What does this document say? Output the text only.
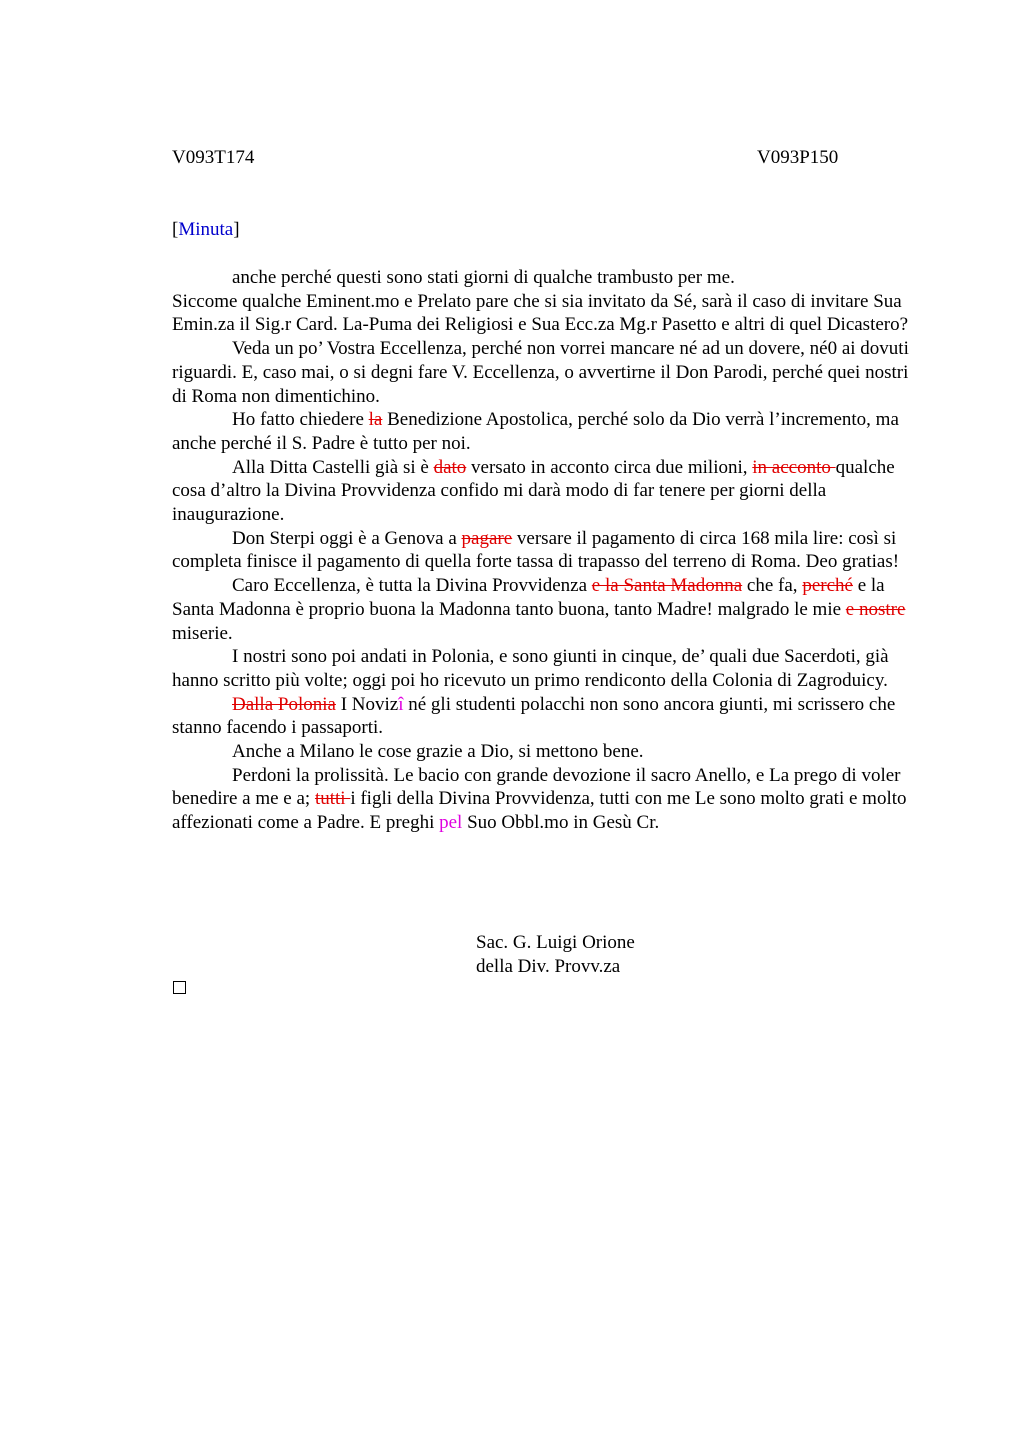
V093T174	V093P150
[Minuta]

anche perché questi sono stati giorni di qualche trambusto per me.

Siccome qualche Eminent.mo e Prelato pare che si sia invitato da Sé, sarà il caso di invitare Sua Emin.za il Sig.r Card. La-Puma dei Religiosi e Sua Ecc.za Mg.r Pasetto e altri di quel Dicastero?

Veda un po’ Vostra Eccellenza, perché non vorrei mancare né ad un dovere, né0 ai dovuti riguardi. E, caso mai, o si degni fare V. Eccellenza, o avvertirne il Don Parodi, perché quei nostri di Roma non dimentichino.

Ho fatto chiedere la Benedizione Apostolica, perché solo da Dio verrà l’incremento, ma anche perché il S. Padre è tutto per noi.

Alla Ditta Castelli già si è dato versato in acconto circa due milioni, in acconto qualche cosa d’altro la Divina Provvidenza confido mi darà modo di far tenere per giorni della inaugurazione.

Don Sterpi oggi è a Genova a pagare versare il pagamento di circa 168 mila lire: così si completa finisce il pagamento di quella forte tassa di trapasso del terreno di Roma. Deo gratias!

Caro Eccellenza, è tutta la Divina Provvidenza e la Santa Madonna che fa, perché e la Santa Madonna è proprio buona la Madonna tanto buona, tanto Madre! malgrado le mie e nostre miserie.

I nostri sono poi andati in Polonia, e sono giunti in cinque, de’ quali due Sacerdoti, già hanno scritto più volte; oggi poi ho ricevuto un primo rendiconto della Colonia di Zagroduicy.

Dalla Polonia I Novizî né gli studenti polacchi non sono ancora giunti, mi scrissero che stanno facendo i passaporti.

Anche a Milano le cose grazie a Dio, si mettono bene.

Perdoni la prolissità. Le bacio con grande devozione il sacro Anello, e La prego di voler benedire a me e a; tutti i figli della Divina Provvidenza, tutti con me Le sono molto grati e molto affezionati come a Padre. E preghi pel Suo Obbl.mo in Gesù Cr.

Sac. G. Luigi Orione
della Div. Provv.za
